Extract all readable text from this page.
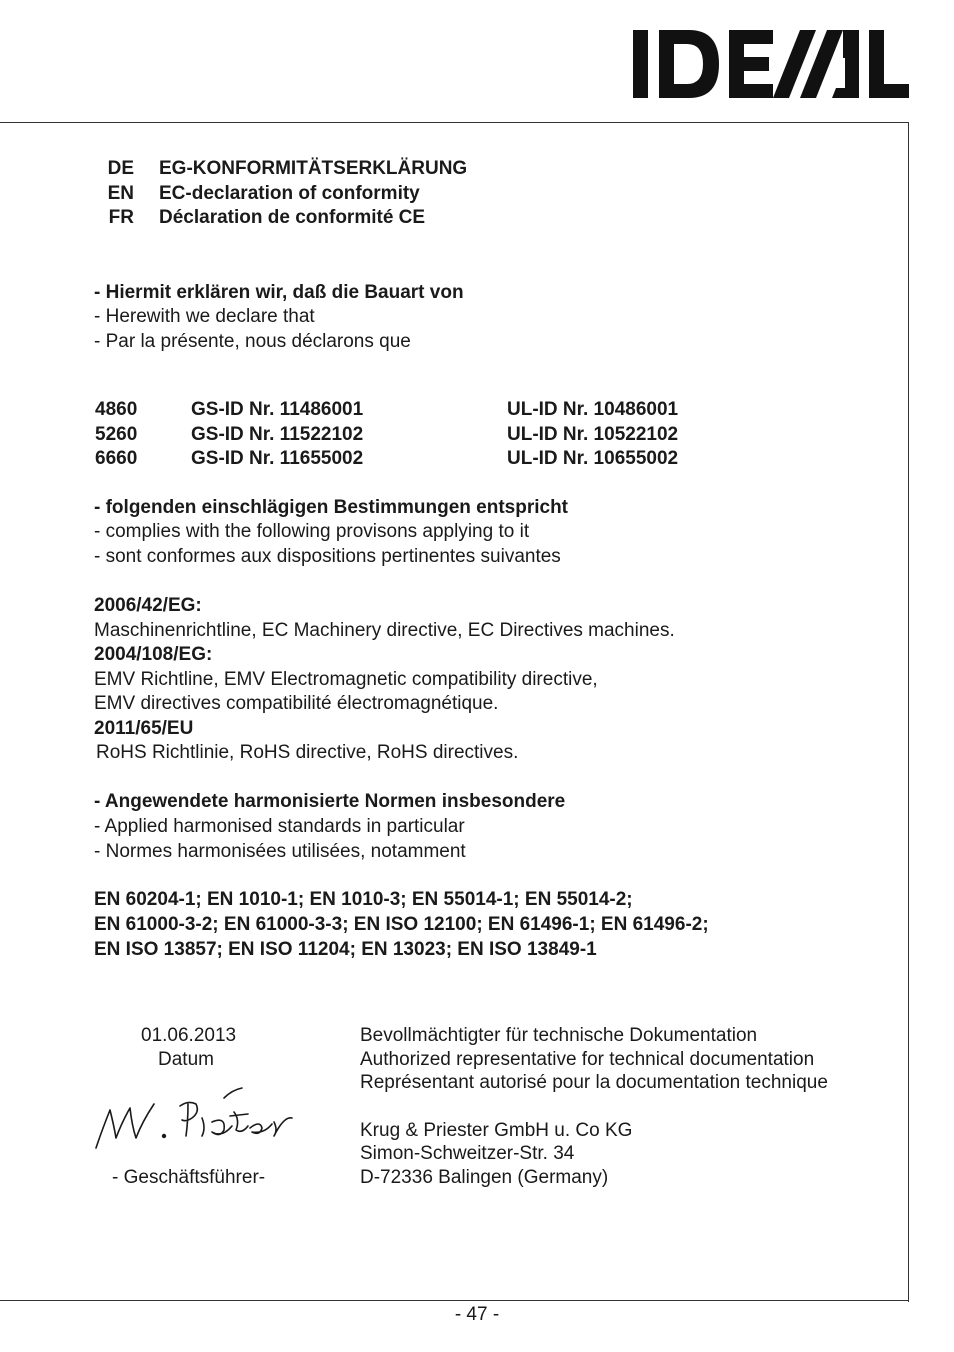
DE EG-KONFORMITÄTSERKLÄRUNG
EN EC-declaration of conformity
FR Déclaration de conformité CE
- Hiermit erklären wir, daß die Bauart von
- Herewith we declare that
- Par la présente, nous déclarons que
4860	GS-ID Nr. 11486001	UL-ID Nr. 10486001
5260	GS-ID Nr. 11522102	UL-ID Nr. 10522102
6660	GS-ID Nr. 11655002	UL-ID Nr. 10655002
- folgenden einschlägigen Bestimmungen entspricht
- complies with the following provisons applying to it
- sont conformes aux dispositions pertinentes suivantes
2006/42/EG:
Maschinenrichtline, EC Machinery directive, EC Directives machines.
2004/108/EG:
EMV Richtline, EMV Electromagnetic compatibility directive,
EMV directives compatibilité électromagnétique.
2011/65/EU
RoHS Richtlinie, RoHS directive, RoHS directives.
- Angewendete harmonisierte Normen insbesondere
- Applied harmonised standards in particular
- Normes harmonisées utilisées, notamment
EN 60204-1; EN 1010-1; EN 1010-3; EN 55014-1; EN 55014-2;
EN 61000-3-2; EN 61000-3-3; EN ISO 12100; EN 61496-1; EN 61496-2;
EN ISO 13857; EN ISO 11204; EN 13023; EN ISO 13849-1
01.06.2013
Datum
- Geschäftsführer-
Bevollmächtigter für technische Dokumentation
Authorized representative for technical documentation
Représentant autorisé pour la documentation technique
Krug & Priester GmbH u. Co KG
Simon-Schweitzer-Str. 34
D-72336 Balingen (Germany)
- 47 -
